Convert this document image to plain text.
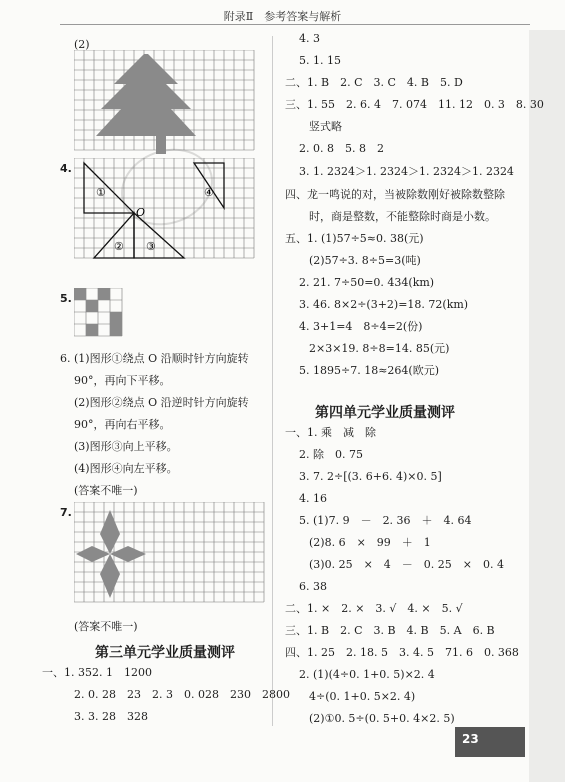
附录Ⅱ　参考答案与解析
(2)
4.
①	④
② ③
O
5.
6. (1)图形①绕点 O 沿顺时针方向旋转
90°，再向下平移。
(2)图形②绕点 O 沿逆时针方向旋转
90°，再向右平移。
(3)图形③向上平移。
(4)图形④向左平移。
(答案不唯一)
7.
(答案不唯一)
第三单元学业质量测评
一、1. 352. 1　1200
2. 0. 28　23　2. 3　0. 028　230　2800
3. 3. 28　328
4. 3
5. 1. 15
二、1. B　2. C　3. C　4. B　5. D
三、1. 55　2. 6. 4　7. 074　11. 12　0. 3　8. 30
竖式略
2. 0. 8　5. 8　2
3. 1. 2324＞1. 2324＞1. 2324＞1. 2324
四、龙一鸣说的对，当被除数刚好被除数整除
时，商是整数，不能整除时商是小数。
五、1. (1)57÷5≈0. 38(元)
(2)57÷3. 8÷5=3(吨)
2. 21. 7÷50=0. 434(km)
3. 46. 8×2÷(3+2)=18. 72(km)
4. 3+1=4　8÷4=2(份)
2×3×19. 8÷8=14. 85(元)
5. 1895÷7. 18≈264(欧元)
第四单元学业质量测评
一、1. 乘　减　除
2. 除　0. 75
3. 7. 2÷[(3. 6+6. 4)×0. 5]
4. 16
5. (1)7. 9　－　2. 36　＋　4. 64
(2)8. 6　×　99　＋　1
(3)0. 25　×　4　－　0. 25　×　0. 4
6. 38
二、1. ×　2. ×　3. √　4. ×　5. √
三、1. B　2. C　3. B　4. B　5. A　6. B
四、1. 25　2. 18. 5　3. 4. 5　71. 6　0. 368
2. (1)(4÷0. 1+0. 5)×2. 4
4÷(0. 1+0. 5×2. 4)
(2)①0. 5÷(0. 5+0. 4×2. 5)
23
